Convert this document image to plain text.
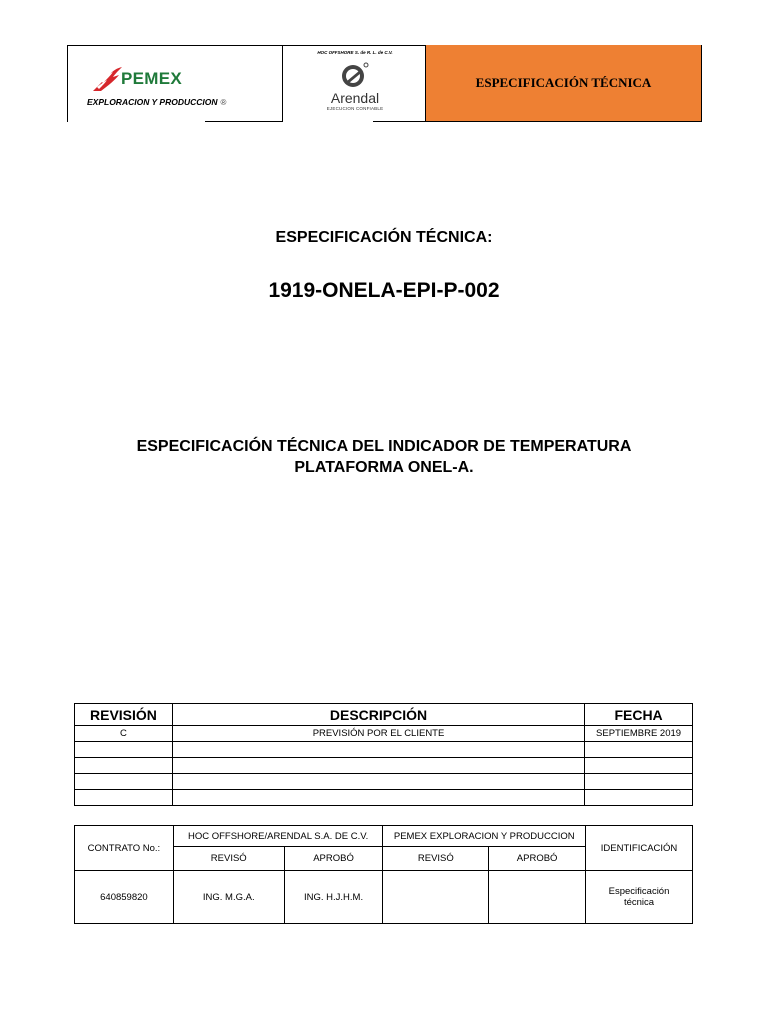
PEMEX
EXPLORACION Y PRODUCCION ®
HOC OFFSHORE S. de R. L. de C.V.
Arendal
EJECUCION CONFIABLE
ESPECIFICACIÓN TÉCNICA
ESPECIFICACIÓN TÉCNICA:
1919-ONELA-EPI-P-002
ESPECIFICACIÓN TÉCNICA DEL INDICADOR DE TEMPERATURA
PLATAFORMA ONEL-A.
REVISIÓN	DESCRIPCIÓN	FECHA
C	PREVISIÓN POR EL CLIENTE	SEPTIEMBRE 2019

CONTRATO No.:	HOC OFFSHORE/ARENDAL S.A. DE C.V.		PEMEX EXPLORACION Y PRODUCCION		IDENTIFICACIÓN
	REVISÓ	APROBÓ	REVISÓ	APROBÓ	
640859820	ING. M.G.A.	ING. H.J.H.M.			Especificación técnica
